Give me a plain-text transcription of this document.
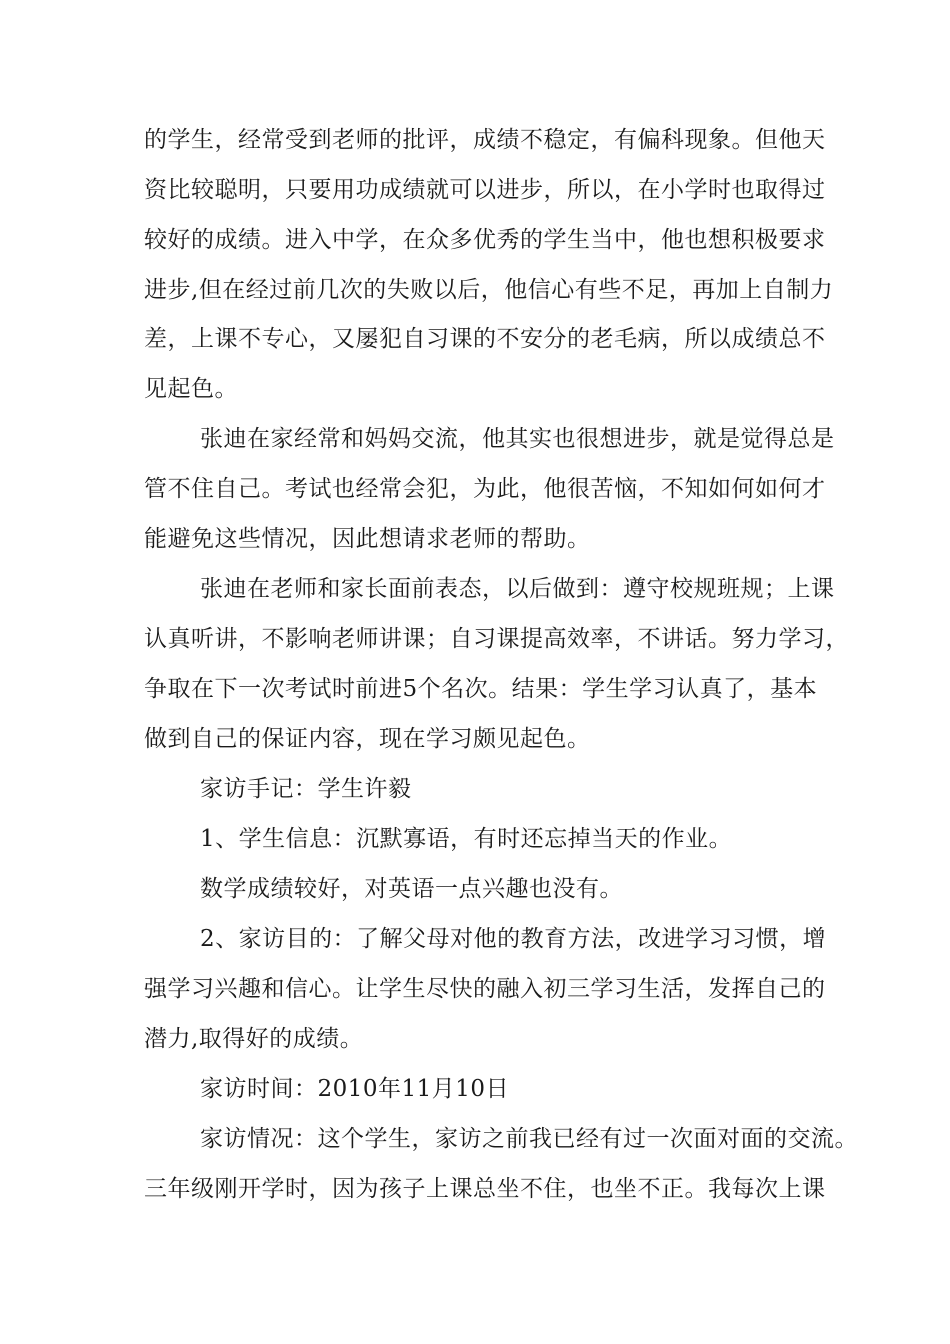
的学生，经常受到老师的批评，成绩不稳定，有偏科现象。但他天
资比较聪明，只要用功成绩就可以进步，所以，在小学时也取得过
较好的成绩。进入中学，在众多优秀的学生当中，他也想积极要求
进步,但在经过前几次的失败以后，他信心有些不足，再加上自制力
差，上课不专心，又屡犯自习课的不安分的老毛病，所以成绩总不
见起色。
张迪在家经常和妈妈交流，他其实也很想进步，就是觉得总是
管不住自己。考试也经常会犯，为此，他很苦恼，不知如何如何才
能避免这些情况，因此想请求老师的帮助。
张迪在老师和家长面前表态，以后做到：遵守校规班规；上课
认真听讲，不影响老师讲课；自习课提高效率，不讲话。努力学习，
争取在下一次考试时前进5个名次。结果：学生学习认真了，基本
做到自己的保证内容，现在学习颇见起色。
家访手记：学生许毅
1、学生信息：沉默寡语，有时还忘掉当天的作业。
数学成绩较好，对英语一点兴趣也没有。
2、家访目的：了解父母对他的教育方法，改进学习习惯，增
强学习兴趣和信心。让学生尽快的融入初三学习生活，发挥自己的
潜力,取得好的成绩。
家访时间：2010年11月10日
家访情况：这个学生，家访之前我已经有过一次面对面的交流。
三年级刚开学时，因为孩子上课总坐不住，也坐不正。我每次上课
